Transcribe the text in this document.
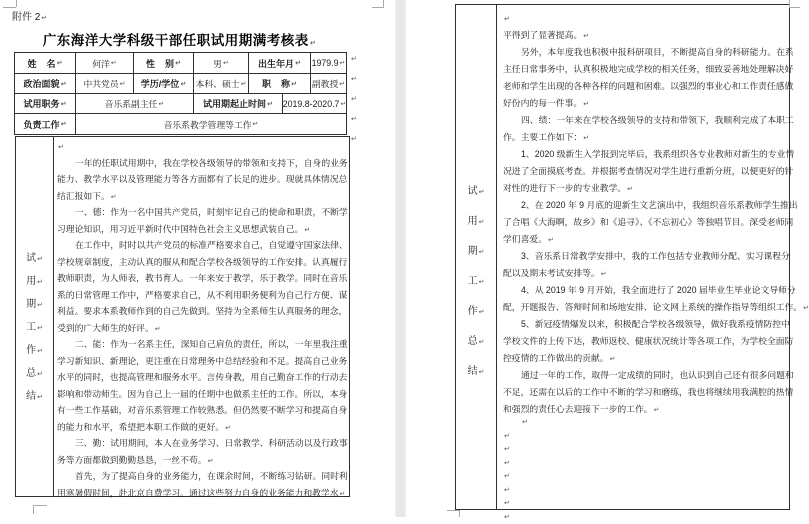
附件 2↵
广东海洋大学科级干部任职试用期满考核表↵
姓    名 ↵	何洋 ↵	性    别 ↵	男 ↵	出生年月 ↵ 1979.9 ↵
政治面貌 ↵	中共党员 ↵	学历/学位 ↵ 本科、硕士 ↵	职    称 ↵ 副教授 ↵
试用职务 ↵	音乐系副主任 ↵	试用期起止时间 ↵ 2019.8-2020.7 ↵
负责工作 ↵	音乐系教学管理等工作 ↵
↵
↵
↵
↵
↵
试↵
用↵
期↵
工↵
作↵
总↵
结↵
↵
一年的任职试用期中，我在学校各级领导的带领和支持下，自身的业务
能力、教学水平以及管理能力等各方面都有了长足的进步。现就具体情况总
结汇报如下。↵
一、德：作为一名中国共产党员，时刻牢记自己的使命和职责，不断学
习理论知识，用习近平新时代中国特色社会主义思想武装自己。↵
在工作中，时时以共产党员的标准严格要求自己，自觉遵守国家法律、
学校规章制度，主动认真的服从和配合学校各级领导的工作安排。认真履行
教师职责，为人师表，教书育人。一年来安于教学，乐于教学。同时在音乐
系的日常管理工作中，严格要求自己，从不利用职务便利为自己行方便、谋
利益。要求本系教师作到的自己先做到。坚持为全系师生认真服务的理念，
受到的广大师生的好评。↵
二、能：作为一名系主任，深知自己肩负的责任，所以，一年里我注重
学习新知识、新理论，更注重在日常理务中总结经验和不足。提高自己业务
水平的同时，也提高管理和服务水平。言传身教，用自己勤奋工作的行动去
影响和带动师生。因为自己上一届的任期中也做系主任的工作。所以，本身
有一些工作基础，对音乐系管理工作较熟悉。但仍然要不断学习和提高自身
的能力和水平，希望把本职工作做的更好。↵
三、勤：试用期间，本人在业务学习、日常教学、科研活动以及行政事
务等方面都做到勤勤恳恳，一丝不苟。↵
首先，为了提高自身的业务能力，在课余时间，不断练习钻研。同时利
用寒暑假时间，赴北京自费学习。通过这些努力自身的业务能力和教学水↵
试↵
用↵
期↵
工↵
作↵
总↵
结↵
↵
平得到了显著提高。↵
另外，本年度我也积极申报科研项目，不断提高自身的科研能力。在系
主任日常事务中，认真积极地完成学校的相关任务，细致妥善地处理解决好
老师和学生出现的各种各样的问题和困难。以强烈的事业心和工作责任感做
好份内的每一件事。↵
四、绩：一年来在学校各级领导的支持和带领下，我顺利完成了本职工
作。主要工作如下：↵
1、2020 级新生入学报到完毕后，我系组织各专业教师对新生的专业情
况进了全面摸底考查。并根据考查情况对学生进行重新分班，以便更好的针
对性的进行下一步的专业教学。↵
2、在 2020 年 9 月底的迎新生文艺演出中，我组织音乐系教师学生推出
了合唱《大海啊，故乡》和《追寻》、《不忘初心》等独唱节目。深受老师同
学们喜爱。↵
3、音乐系日常教学安排中，我的工作包括专业教师分配、实习课程分
配以及期末考试安排等。↵
4、从 2019 年 9 月开始，我全面进行了 2020 届毕业生毕业论文导师分
配，开题报告、答辩时间和场地安排、论文网上系统的操作指导等组织工作。↵
5、新冠疫情爆发以来，积极配合学校各级领导，做好我系疫情防控中
学校文件的上传下达，教师返校、健康状况统计等各项工作，为学校全面防
控疫情的工作做出的贡献。↵
通过一年的工作，取得一定成绩的同时，也认识到自己还有很多问题和
不足，还需在以后的工作中不断的学习和磨练，我也将继续用我满腔的热情
和强烈的责任心去迎接下一步的工作。↵
↵
↵
↵
↵
↵
↵
↵
↵
